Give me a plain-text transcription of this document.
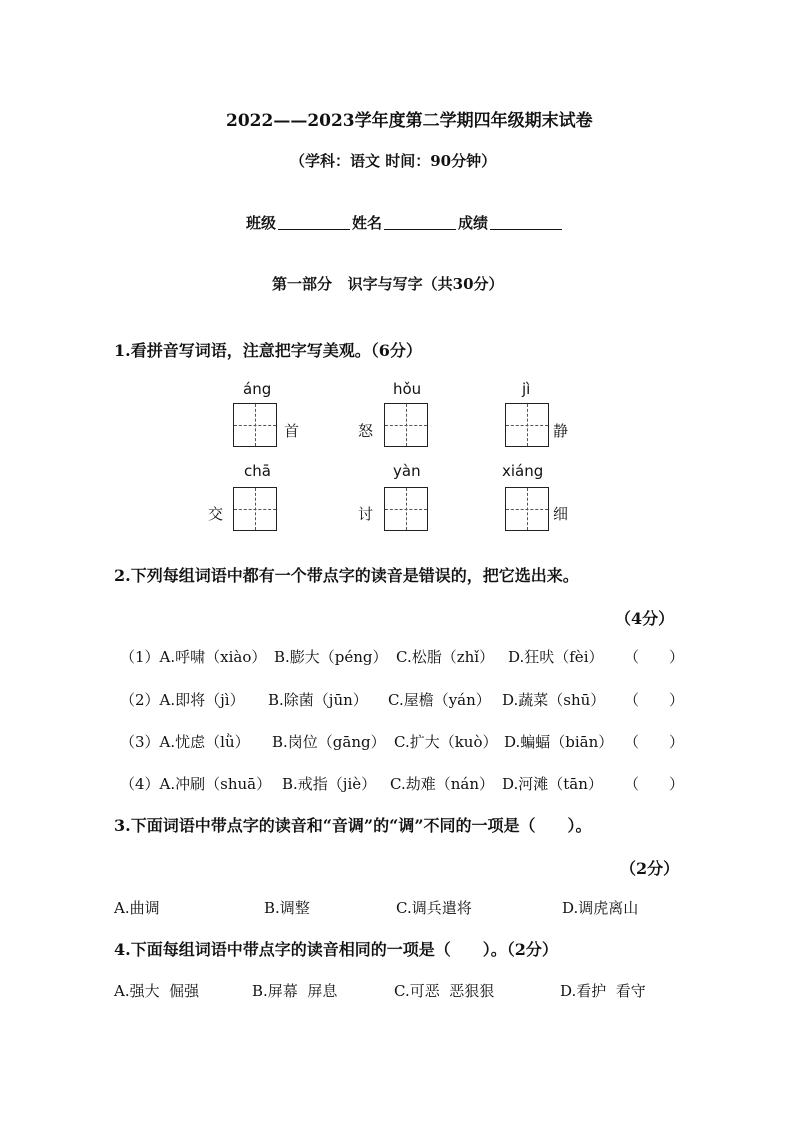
2022——2023学年度第二学期四年级期末试卷
（学科：语文 时间：90分钟）
班级	姓名	成绩
第一部分   识字与写字（共30分）
1.看拼音写词语，注意把字写美观。（6分）
áng
首
hǒu
怒
jì
静
chā
交
yàn
讨
xiáng
细
2.下列每组词语中都有一个带点字的读音是错误的，把它选出来。
（4分）
（1）A.呼啸（xiào） B.膨大（péng） C.松脂（zhǐ） D.狂吠（fèi） （　　）
（2）A.即将（jì） B.除菌（jūn） C.屋檐（yán） D.蔬菜（shū） （　　）
（3）A.忧虑（lǜ） B.岗位（gāng） C.扩大（kuò） D.蝙蝠（biān） （　　）
（4）A.冲刷（shuā） B.戒指（jiè） C.劫难（nán） D.河滩（tān） （　　）
3.下面词语中带点字的读音和“音调”的“调”不同的一项是（　　）。
（2分）
A.曲调	B.调整	C.调兵遣将	D.调虎离山
4.下面每组词语中带点字的读音相同的一项是（　　）。（2分）
A.强大  倔强	B.屏幕  屏息	C.可恶  恶狠狠	D.看护  看守
